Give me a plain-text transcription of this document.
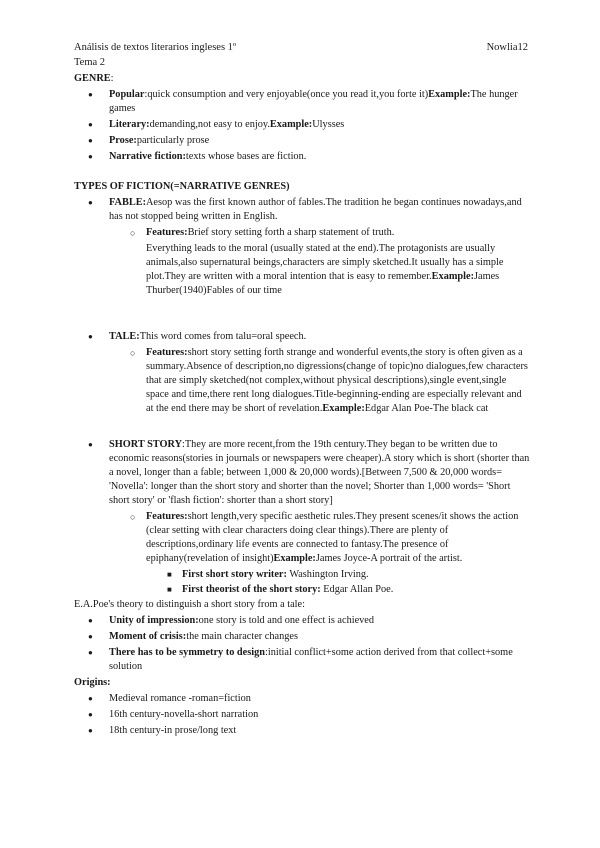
Análisis de textos literarios ingleses 1º	Nowlia12
Tema 2
GENRE:
● Popular:quick consumption and very enjoyable(once you read it,you forte it)Example:The hunger games
● Literary:demanding,not easy to enjoy.Example:Ulysses
● Prose:particularly prose
● Narrative fiction:texts whose bases are fiction.
TYPES OF FICTION(=NARRATIVE GENRES)
● FABLE:Aesop was the first known author of fables.The tradition he began continues nowadays,and has not stopped being written in English.
○ Features:Brief story setting forth a sharp statement of truth.
Everything leads to the moral (usually stated at the end).The protagonists are usually animals,also supernatural beings,characters are simply sketched.It usually has a simple plot.They are written with a moral intention that is easy to remember.Example:James Thurber(1940)Fables of our time
● TALE:This word comes from talu=oral speech.
○ Features:short story setting forth strange and wonderful events,the story is often given as a summary.Absence of description,no digressions(change of topic)no dialogues,few characters that are simply sketched(not complex,without physical descriptions),single event,single space and time,there rent long dialogues.Title-beginning-ending are especially relevant and at the end there may be short of revelation.Example:Edgar Alan Poe-The black cat
● SHORT STORY:They are more recent,from the 19th century.They began to be written due to economic reasons(stories in journals or newspapers were cheaper).A story which is short (shorter than a novel, longer than a fable; between 1,000 & 20,000 words).[Between 7,500 & 20,000 words= 'Novella': longer than the short story and shorter than the novel; Shorter than 1,000 words= 'Short short story' or 'flash fiction': shorter than a short story]
○ Features:short length,very specific aesthetic rules.They present scenes/it shows the action (clear setting with clear characters doing clear things).There are plenty of descriptions,ordinary life events are connected to fantasy.The presence of epiphany(revelation of insight)Example:James Joyce-A portrait of the artist.
■ First short story writer: Washington Irving.
■ First theorist of the short story: Edgar Allan Poe.
E.A.Poe's theory to distinguish a short story from a tale:
● Unity of impression:one story is told and one effect is achieved
● Moment of crisis:the main character changes
● There has to be symmetry to design:initial conflict+some action derived from that collect+some solution
Origins:
● Medieval romance -roman=fiction
● 16th century-novella-short narration
● 18th century-in prose/long text
